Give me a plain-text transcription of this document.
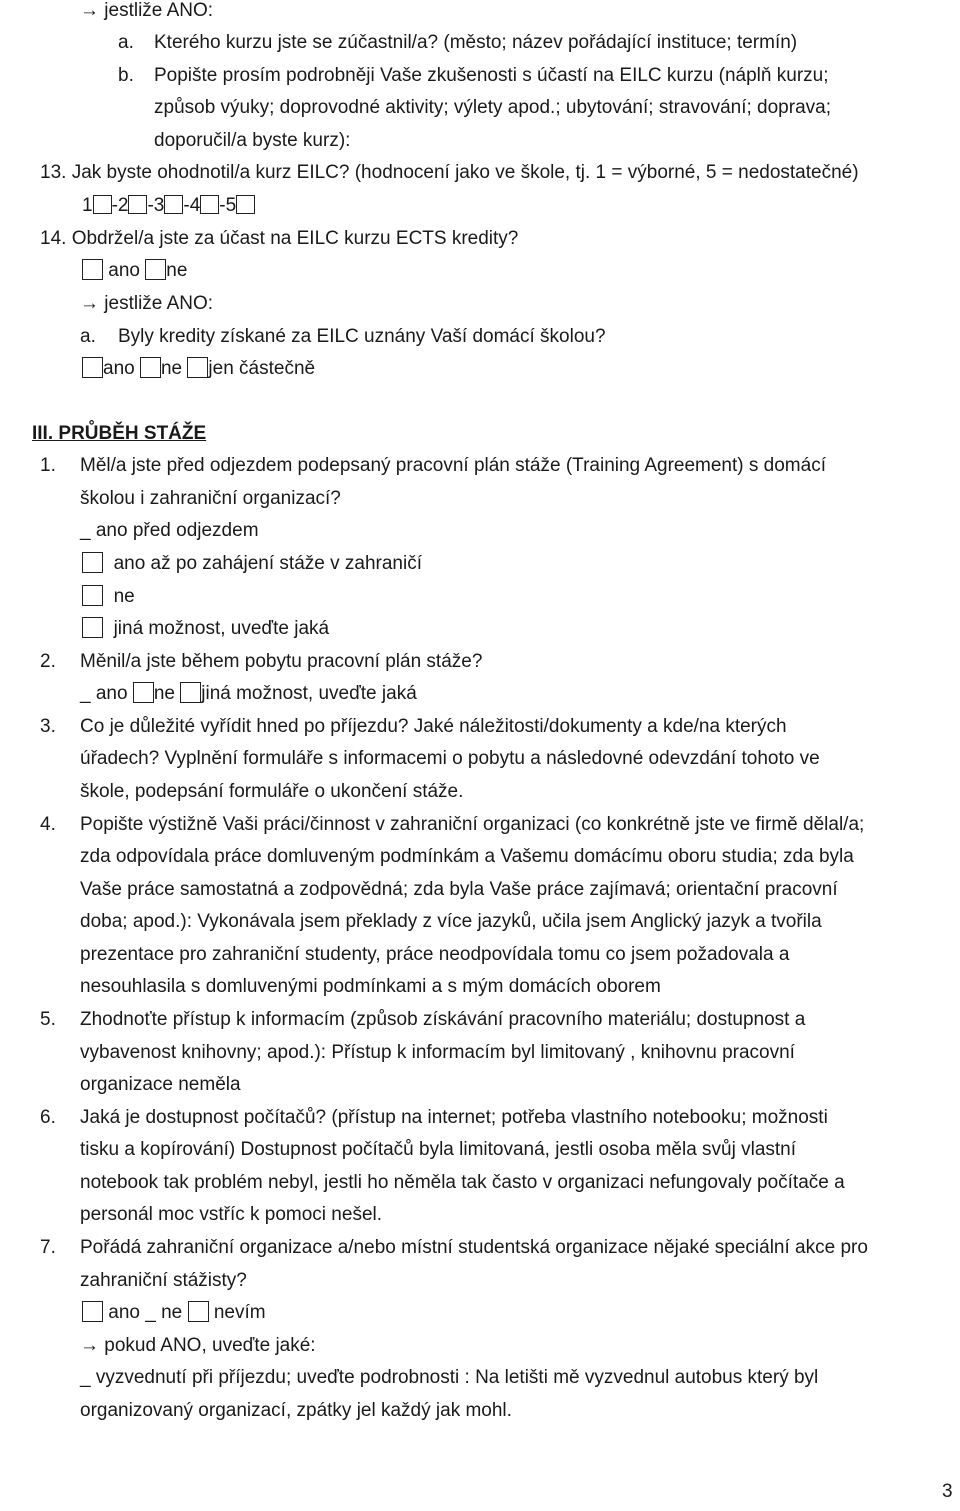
→ jestliže ANO:
a. Kterého kurzu jste se zúčastnil/a? (město; název pořádající instituce; termín)
b. Popište prosím podrobněji Vaše zkušenosti s účastí na EILC kurzu (náplň kurzu;
způsob výuky; doprovodné aktivity; výlety apod.; ubytování; stravování; doprava;
doporučil/a byste kurz):
13. Jak byste ohodnotil/a kurz EILC? (hodnocení jako ve škole, tj. 1 = výborné, 5 = nedostatečné)
1 -2 -3 -4 -5
14. Obdržel/a jste za účast na EILC kurzu ECTS kredity?
ano ne
→ jestliže ANO:
a. Byly kredity získané za EILC uznány Vaší domácí školou?
ano ne jen částečně
III. PRŮBĚH STÁŽE
1. Měl/a jste před odjezdem podepsaný pracovní plán stáže (Training Agreement) s domácí
školou i zahraniční organizací?
_ ano před odjezdem
ano až po zahájení stáže v zahraničí
ne
jiná možnost, uveďte jaká
2. Měnil/a jste během pobytu pracovní plán stáže?
_ ano ne jiná možnost, uveďte jaká
3. Co je důležité vyřídit hned po příjezdu? Jaké náležitosti/dokumenty a kde/na kterých
úřadech? Vyplnění formuláře s informacemi o pobytu a následovné odevzdání tohoto ve
škole, podepsání formuláře o ukončení stáže.
4. Popište výstižně Vaši práci/činnost v zahraniční organizaci (co konkrétně jste ve firmě dělal/a;
zda odpovídala práce domluveným podmínkám a Vašemu domácímu oboru studia; zda byla
Vaše práce samostatná a zodpovědná; zda byla Vaše práce zajímavá; orientační pracovní
doba; apod.): Vykonávala jsem překlady z více jazyků, učila jsem Anglický jazyk a tvořila
prezentace pro zahraniční studenty, práce neodpovídala tomu co jsem požadovala a
nesouhlasila s domluvenými podmínkami a s mým domácích oborem
5. Zhodnoťte přístup k informacím (způsob získávání pracovního materiálu; dostupnost a
vybavenost knihovny; apod.): Přístup k informacím byl limitovaný , knihovnu pracovní
organizace neměla
6. Jaká je dostupnost počítačů? (přístup na internet; potřeba vlastního notebooku; možnosti
tisku a kopírování) Dostupnost počítačů byla limitovaná, jestli osoba měla svůj vlastní
notebook tak problém nebyl, jestli ho něměla tak často v organizaci nefungovaly počítače a
personál moc vstříc k pomoci nešel.
7. Pořádá zahraniční organizace a/nebo místní studentská organizace nějaké speciální akce pro
zahraniční stážisty?
ano _ ne nevím
→ pokud ANO, uveďte jaké:
_ vyzvednutí při příjezdu; uveďte podrobnosti : Na letišti mě vyzvednul autobus který byl
organizovaný organizací, zpátky jel každý jak mohl.
3
